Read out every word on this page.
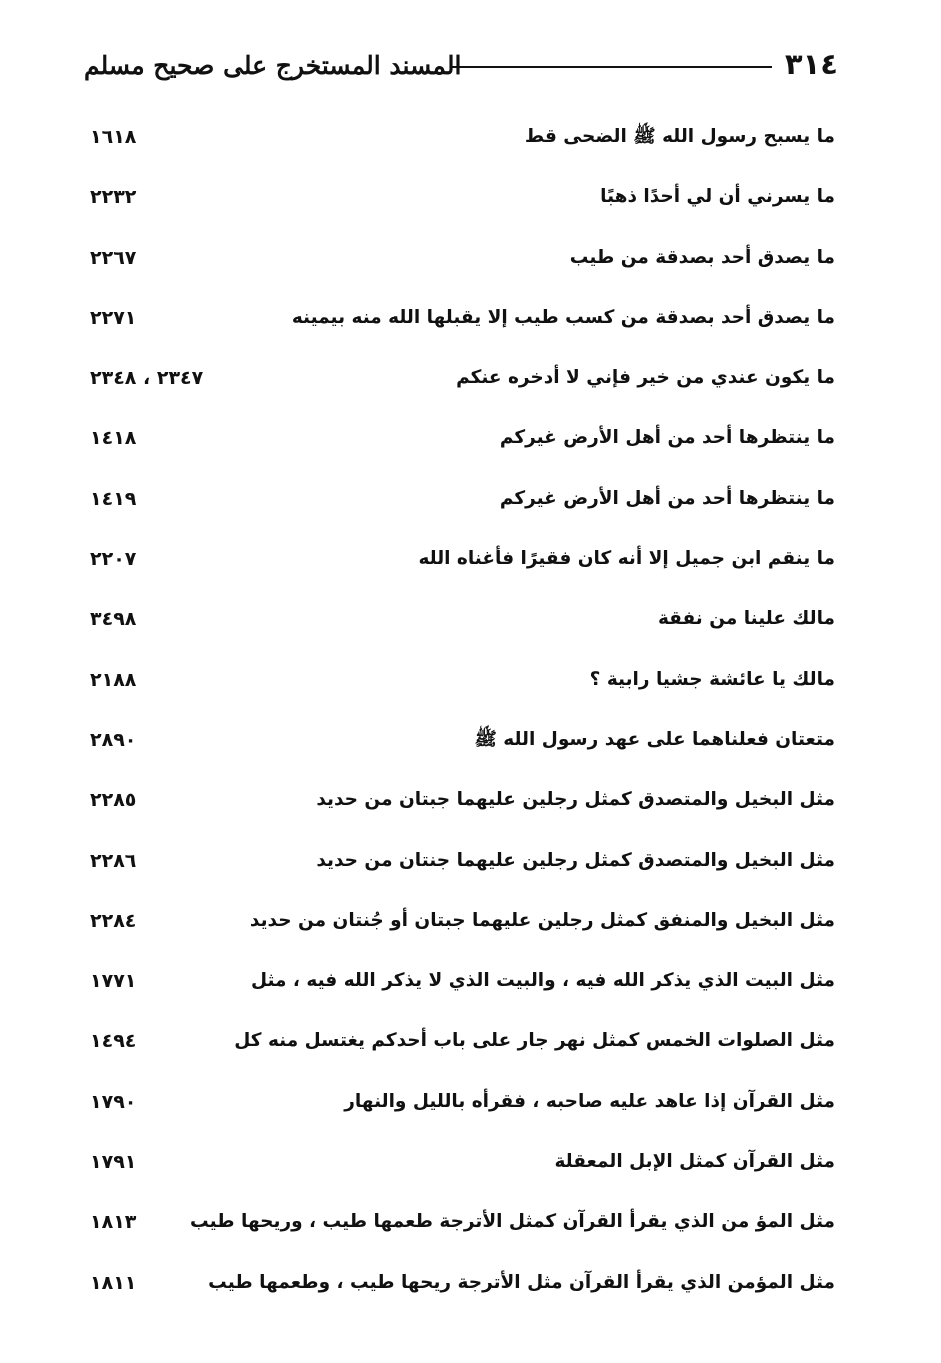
٣١٤
المسند المستخرج على صحيح مسلم
ما يسبح رسول الله ﷺ الضحى قط
١٦١٨
ما يسرني أن لي أحدًا ذهبًا
٢٢٣٢
ما يصدق أحد بصدقة من طيب
٢٢٦٧
ما يصدق أحد بصدقة من كسب طيب إلا يقبلها الله منه بيمينه
٢٢٧١
ما يكون عندي من خير فإني لا أدخره عنكم
٢٣٤٧ ، ٢٣٤٨
ما ينتظرها أحد من أهل الأرض غيركم
١٤١٨
ما ينتظرها أحد من أهل الأرض غيركم
١٤١٩
ما ينقم ابن جميل إلا أنه كان فقيرًا فأغناه الله
٢٢٠٧
مالك علينا من نفقة
٣٤٩٨
مالك يا عائشة جشيا رابية ؟
٢١٨٨
متعتان فعلناهما على عهد رسول الله ﷺ
٢٨٩٠
مثل البخيل والمتصدق كمثل رجلين عليهما جبتان من حديد
٢٢٨٥
مثل البخيل والمتصدق كمثل رجلين عليهما جنتان من حديد
٢٢٨٦
مثل البخيل والمنفق كمثل رجلين عليهما جبتان أو جُنتان من حديد
٢٢٨٤
مثل البيت الذي يذكر الله فيه ، والبيت الذي لا يذكر الله فيه ، مثل
١٧٧١
مثل الصلوات الخمس كمثل نهر جار على باب أحدكم يغتسل منه كل
١٤٩٤
مثل القرآن إذا عاهد عليه صاحبه ، فقرأه بالليل والنهار
١٧٩٠
مثل القرآن كمثل الإبل المعقلة
١٧٩١
مثل المؤ من الذي يقرأ القرآن كمثل الأترجة طعمها طيب ، وريحها طيب
١٨١٣
مثل المؤمن الذي يقرأ القرآن مثل الأترجة ريحها طيب ، وطعمها طيب
١٨١١
